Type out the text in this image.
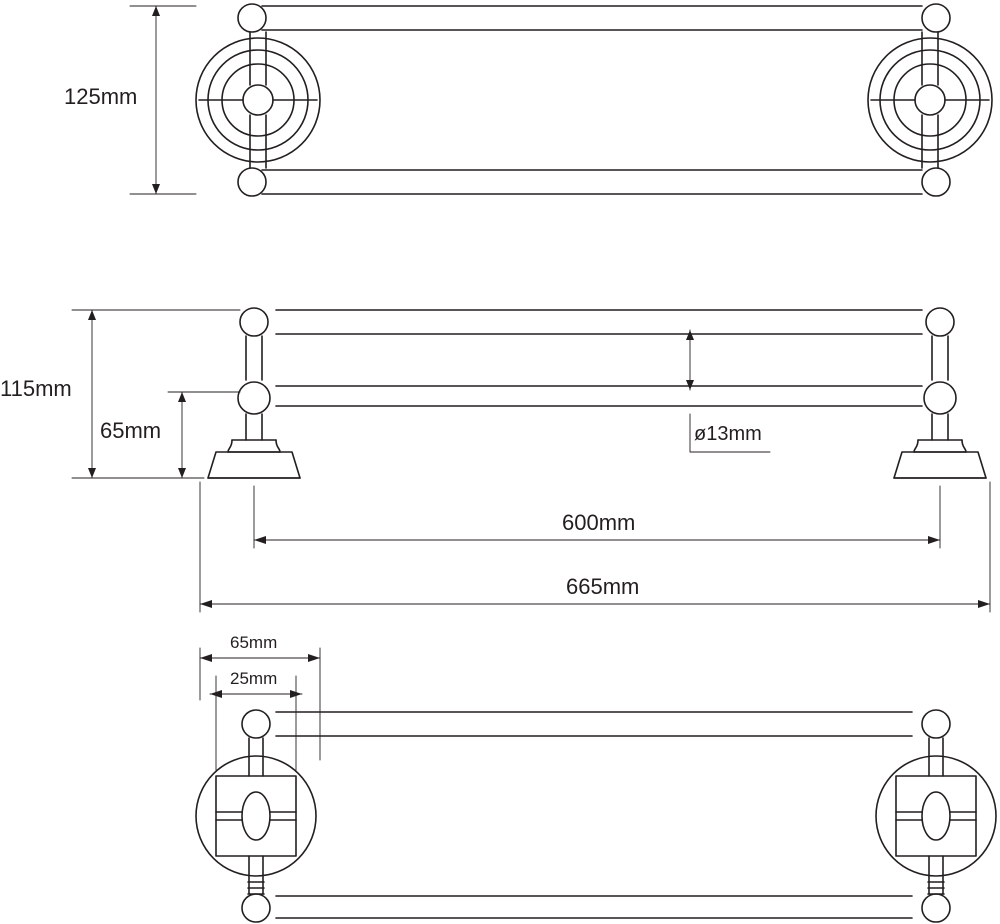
125mm
115mm
65mm	ø13mm
600mm
665mm
65mm
25mm
